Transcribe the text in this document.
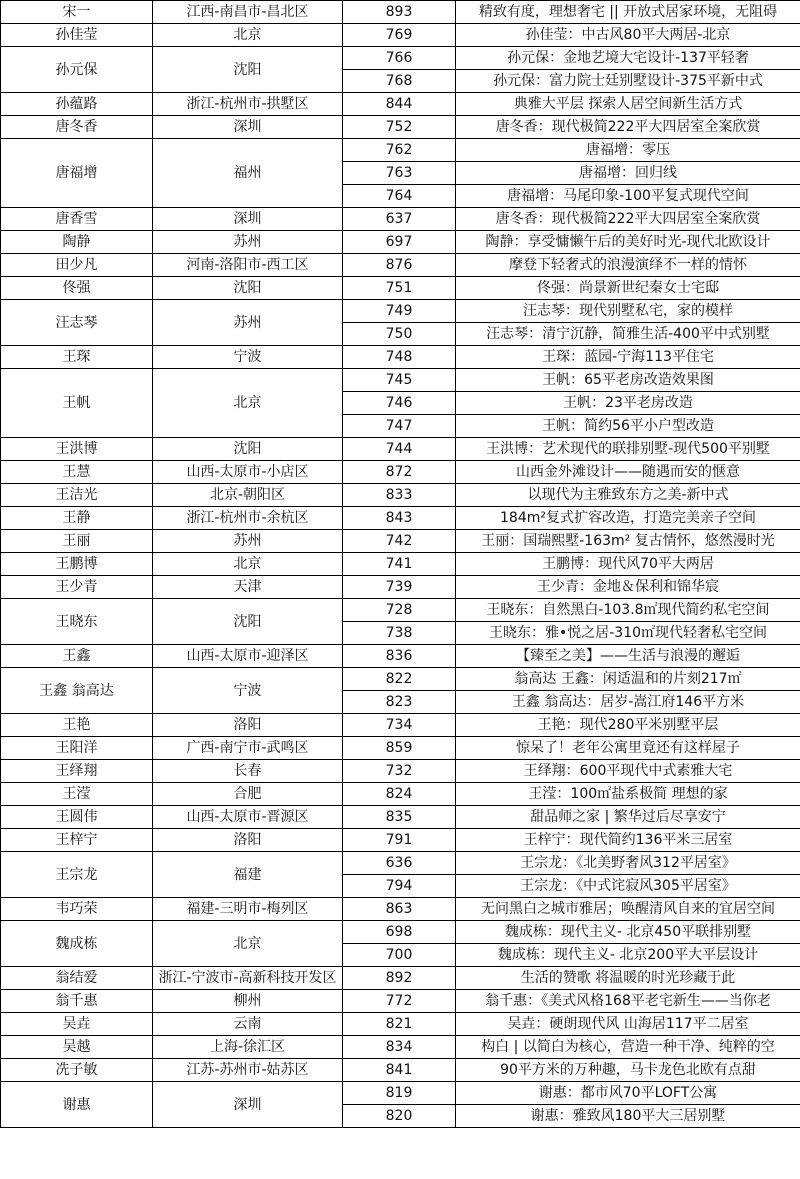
宋一	江西-南昌市-昌北区	893	精致有度，理想奢宅 || 开放式居家环境，无阻碍
孙佳莹	北京	769	孙佳莹：中古风80平大两居-北京
孙元保	沈阳	766	孙元保：金地艺境大宅设计-137平轻奢
		768	孙元保：富力院士廷别墅设计-375平新中式
孙蕴路	浙江-杭州市-拱墅区	844	典雅大平层 探索人居空间新生活方式
唐冬香	深圳	752	唐冬香：现代极简222平大四居室全案欣赏
唐福增	福州	762	唐福增：零压
		763	唐福增：回归线
		764	唐福增：马尾印象-100平复式现代空间
唐香雪	深圳	637	唐冬香：现代极简222平大四居室全案欣赏
陶静	苏州	697	陶静：享受慵懒午后的美好时光-现代北欧设计
田少凡	河南-洛阳市-西工区	876	摩登下轻奢式的浪漫演绎不一样的情怀
佟强	沈阳	751	佟强：尚景新世纪秦女士宅邸
汪志琴	苏州	749	汪志琴：现代别墅私宅，家的模样
		750	汪志琴：清宁沉静，简雅生活-400平中式别墅
王琛	宁波	748	王琛：蓝园-宁海113平住宅
王帆	北京	745	王帆：65平老房改造效果图
		746	王帆：23平老房改造
		747	王帆：简约56平小户型改造
王洪博	沈阳	744	王洪博：艺术现代的联排别墅-现代500平别墅
王慧	山西-太原市-小店区	872	山西金外滩设计——随遇而安的惬意
王洁光	北京-朝阳区	833	以现代为主雅致东方之美-新中式
王静	浙江-杭州市-余杭区	843	184m²复式扩容改造，打造完美亲子空间
王丽	苏州	742	王丽：国瑞熙墅-163m² 复古情怀，悠然漫时光
王鹏博	北京	741	王鹏博：现代风70平大两居
王少青	天津	739	王少青：金地＆保利和锦华宸
王晓东	沈阳	728	王晓东：自然黑白-103.8㎡现代简约私宅空间
		738	王晓东：雅•悦之居-310㎡现代轻奢私宅空间
王鑫	山西-太原市-迎泽区	836	【臻至之美】——生活与浪漫的邂逅
王鑫 翁高达	宁波	822	翁高达 王鑫：闲适温和的片刻217㎡
		823	王鑫 翁高达：居岁-嵩江府146平方米
王艳	洛阳	734	王艳：现代280平米别墅平层
王阳洋	广西-南宁市-武鸣区	859	惊呆了！老年公寓里竟还有这样屋子
王绎翔	长春	732	王绎翔：600平现代中式素雅大宅
王滢	合肥	824	王滢：100㎡盐系极简 理想的家
王圆伟	山西-太原市-晋源区	835	甜品师之家 | 繁华过后尽享安宁
王梓宁	洛阳	791	王梓宁：现代简约136平米三居室
王宗龙	福建	636	王宗龙：《北美野奢风312平居室》
		794	王宗龙：《中式诧寂风305平居室》
韦巧荣	福建-三明市-梅列区	863	无问黑白之城市雅居；唤醒清风自来的宜居空间
魏成栋	北京	698	魏成栋：现代主义- 北京450平联排别墅
		700	魏成栋：现代主义- 北京200平大平层设计
翁结爱	浙江-宁波市-高新科技开发区	892	生活的赞歌 将温暖的时光珍藏于此
翁千惠	柳州	772	翁千惠：《美式风格168平老宅新生——当你老
吴垚	云南	821	吴垚：硬朗现代风 山海居117平二居室
吴越	上海-徐汇区	834	构白 | 以简白为核心，营造一种干净、纯粹的空
冼子敏	江苏-苏州市-姑苏区	841	90平方米的万种趣，马卡龙色北欧有点甜
谢惠	深圳	819	谢惠：都市风70平LOFT公寓
		820	谢惠：雅致风180平大三居别墅
